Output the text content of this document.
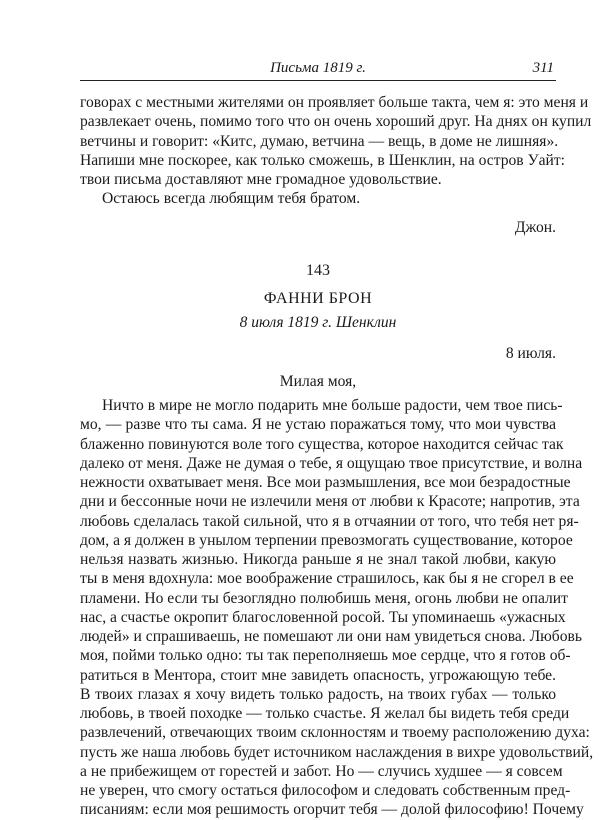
Письма 1819 г.	311
говорах с местными жителями он проявляет больше такта, чем я: это меня и
развлекает очень, помимо того что он очень хороший друг. На днях он купил
ветчины и говорит: «Китс, думаю, ветчина — вещь, в доме не лишняя».
Напиши мне поскорее, как только сможешь, в Шенклин, на остров Уайт:
твои письма доставляют мне громадное удовольствие.
Остаюсь всегда любящим тебя братом.
Джон.
143
ФАННИ БРОН
8 июля 1819 г. Шенклин
8 июля.
Милая моя,
Ничто в мире не могло подарить мне больше радости, чем твое пись-
мо, — разве что ты сама. Я не устаю поражаться тому, что мои чувства
блаженно повинуются воле того существа, которое находится сейчас так
далеко от меня. Даже не думая о тебе, я ощущаю твое присутствие, и волна
нежности охватывает меня. Все мои размышления, все мои безрадостные
дни и бессонные ночи не излечили меня от любви к Красоте; напротив, эта
любовь сделалась такой сильной, что я в отчаянии от того, что тебя нет ря-
дом, а я должен в унылом терпении превозмогать существование, которое
нельзя назвать жизнью. Никогда раньше я не знал такой любви, какую
ты в меня вдохнула: мое воображение страшилось, как бы я не сгорел в ее
пламени. Но если ты безоглядно полюбишь меня, огонь любви не опалит
нас, а счастье окропит благословенной росой. Ты упоминаешь «ужасных
людей» и спрашиваешь, не помешают ли они нам увидеться снова. Любовь
моя, пойми только одно: ты так переполняешь мое сердце, что я готов об-
ратиться в Ментора, стоит мне завидеть опасность, угрожающую тебе.
В твоих глазах я хочу видеть только радость, на твоих губах — только
любовь, в твоей походке — только счастье. Я желал бы видеть тебя среди
развлечений, отвечающих твоим склонностям и твоему расположению духа:
пусть же наша любовь будет источником наслаждения в вихре удовольствий,
а не прибежищем от горестей и забот. Но — случись худшее — я совсем
не уверен, что смогу остаться философом и следовать собственным пред-
писаниям: если моя решимость огорчит тебя — долой философию! Почему
